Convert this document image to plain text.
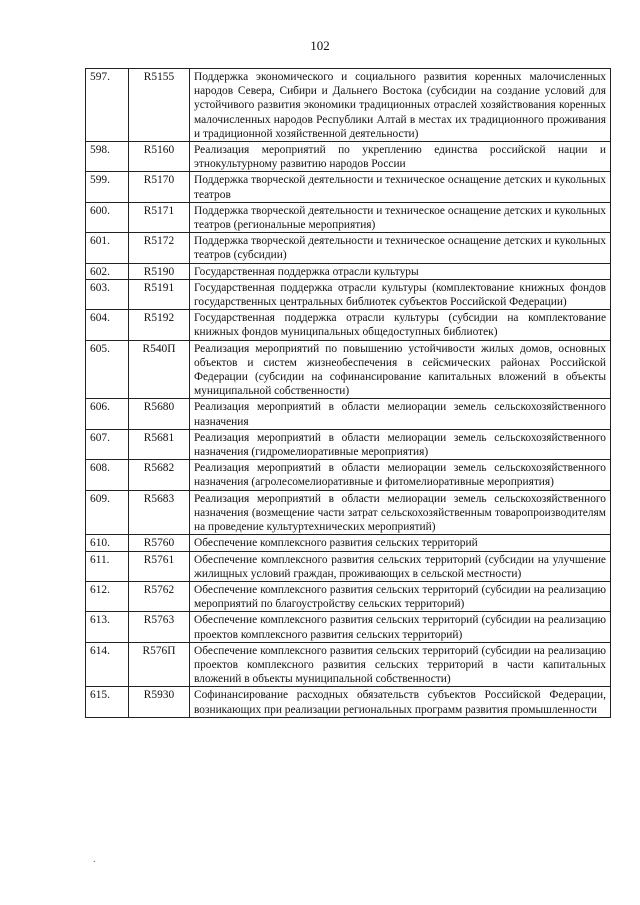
102
597.	R5155	Поддержка экономического и социального развития коренных малочисленных народов Севера, Сибири и Дальнего Востока (субсидии на создание условий для устойчивого развития экономики традиционных отраслей хозяйствования коренных малочисленных народов Республики Алтай в местах их традиционного проживания и традиционной хозяйственной деятельности)
598.	R5160	Реализация мероприятий по укреплению единства российской нации и этнокультурному развитию народов России
599.	R5170	Поддержка творческой деятельности и техническое оснащение детских и кукольных театров
600.	R5171	Поддержка творческой деятельности и техническое оснащение детских и кукольных театров (региональные мероприятия)
601.	R5172	Поддержка творческой деятельности и техническое оснащение детских и кукольных театров (субсидии)
602.	R5190	Государственная поддержка отрасли культуры
603.	R5191	Государственная поддержка отрасли культуры (комплектование книжных фондов государственных центральных библиотек субъектов Российской Федерации)
604.	R5192	Государственная поддержка отрасли культуры (субсидии на комплектование книжных фондов муниципальных общедоступных библиотек)
605.	R540П	Реализация мероприятий по повышению устойчивости жилых домов, основных объектов и систем жизнеобеспечения в сейсмических районах Российской Федерации (субсидии на софинансирование капитальных вложений в объекты муниципальной собственности)
606.	R5680	Реализация мероприятий в области мелиорации земель сельскохозяйственного назначения
607.	R5681	Реализация мероприятий в области мелиорации земель сельскохозяйственного назначения (гидромелиоративные мероприятия)
608.	R5682	Реализация мероприятий в области мелиорации земель сельскохозяйственного назначения (агролесомелиоративные и фитомелиоративные мероприятия)
609.	R5683	Реализация мероприятий в области мелиорации земель сельскохозяйственного назначения (возмещение части затрат сельскохозяйственным товаропроизводителям на проведение культуртехнических мероприятий)
610.	R5760	Обеспечение комплексного развития сельских территорий
611.	R5761	Обеспечение комплексного развития сельских территорий (субсидии на улучшение жилищных условий граждан, проживающих в сельской местности)
612.	R5762	Обеспечение комплексного развития сельских территорий (субсидии на реализацию мероприятий по благоустройству сельских территорий)
613.	R5763	Обеспечение комплексного развития сельских территорий (субсидии на реализацию проектов комплексного развития сельских территорий)
614.	R576П	Обеспечение комплексного развития сельских территорий (субсидии на реализацию проектов комплексного развития сельских территорий в части капитальных вложений в объекты муниципальной собственности)
615.	R5930	Софинансирование расходных обязательств субъектов Российской Федерации, возникающих при реализации региональных программ развития промышленности
.
